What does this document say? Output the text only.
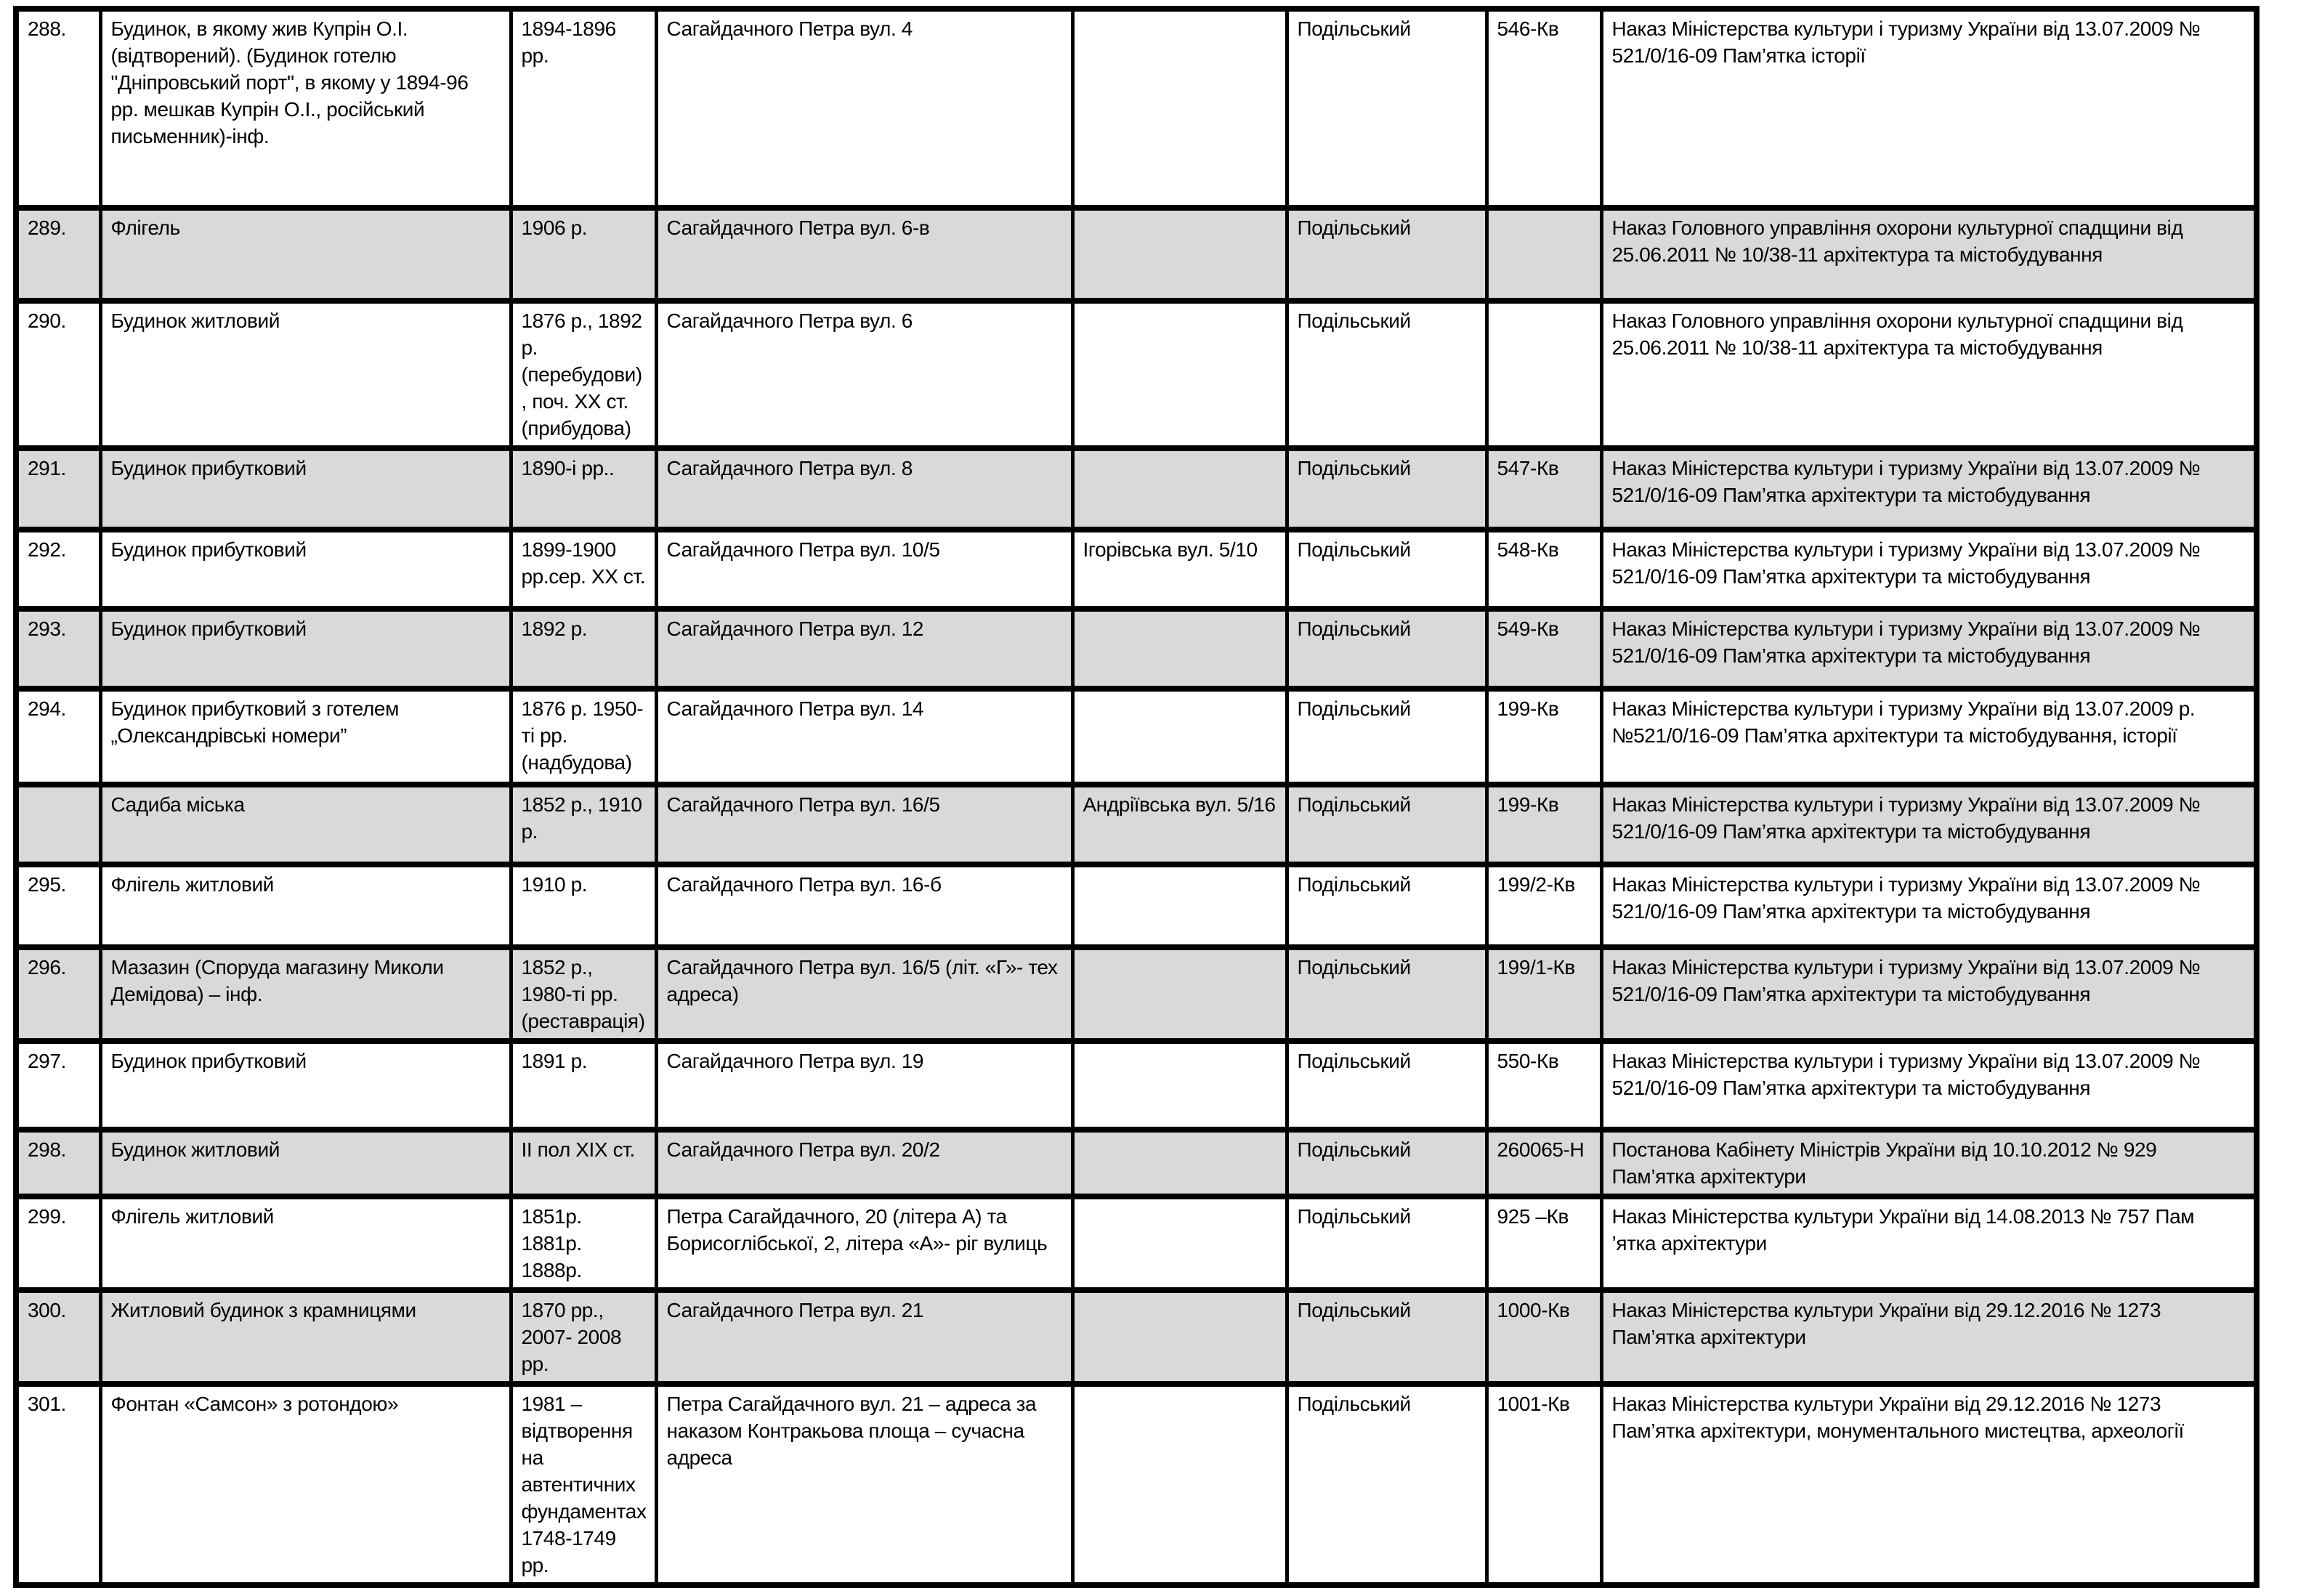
288.	Будинок, в якому жив Купрін О.І. (відтворений). (Будинок готелю "Дніпровський порт", в якому у 1894-96 рр. мешкав Купрін О.І., російський письменник)-інф.	1894-1896 рр.	Сагайдачного Петра вул. 4		Подільський	546-Кв	Наказ Міністерства культури і туризму України від 13.07.2009 № 521/0/16-09 Пам’ятка історії
289.	Флігель	1906 р.	Сагайдачного Петра вул. 6-в		Подільський		Наказ Головного управління охорони культурної спадщини від 25.06.2011 № 10/38-11 архітектура та містобудування
290.	Будинок житловий	1876 р., 1892 р.(перебудови), поч. ХХ ст. (прибудова)	Сагайдачного Петра вул. 6		Подільський		Наказ Головного управління охорони культурної спадщини від 25.06.2011 № 10/38-11 архітектура та містобудування
291.	Будинок прибутковий	1890-і рр..	Сагайдачного Петра вул. 8		Подільський	547-Кв	Наказ Міністерства культури і туризму України від 13.07.2009 № 521/0/16-09 Пам’ятка архітектури та містобудування
292.	Будинок прибутковий	1899-1900 рр.сер. ХХ ст.	Сагайдачного Петра вул. 10/5	Ігорівська вул. 5/10	Подільський	548-Кв	Наказ Міністерства культури і туризму України від 13.07.2009 № 521/0/16-09 Пам’ятка архітектури та містобудування
293.	Будинок прибутковий	1892 р.	Сагайдачного Петра вул. 12		Подільський	549-Кв	Наказ Міністерства культури і туризму України від 13.07.2009 № 521/0/16-09 Пам’ятка архітектури та містобудування
294.	Будинок прибутковий з готелем „Олександрівські номери”	1876 р. 1950-ті рр. (надбудова)	Сагайдачного Петра вул. 14		Подільський	199-Кв	Наказ Міністерства культури і туризму України від 13.07.2009 р. №521/0/16-09 Пам’ятка архітектури та містобудування, історії
	Садиба міська	1852 р., 1910 р.	Сагайдачного Петра вул. 16/5	Андріївська вул. 5/16	Подільський	199-Кв	Наказ Міністерства культури і туризму України від 13.07.2009 № 521/0/16-09 Пам’ятка архітектури та містобудування
295.	Флігель житловий	1910 р.	Сагайдачного Петра вул. 16-б		Подільський	199/2-Кв	Наказ Міністерства культури і туризму України від 13.07.2009 № 521/0/16-09 Пам’ятка архітектури та містобудування
296.	Мазазин (Споруда магазину Миколи Демідова) – інф.	1852 р., 1980-ті рр. (реставрація)	Сагайдачного Петра вул. 16/5 (літ. «Г»- тех адреса)		Подільський	199/1-Кв	Наказ Міністерства культури і туризму України від 13.07.2009 № 521/0/16-09 Пам’ятка архітектури та містобудування
297.	Будинок прибутковий	1891 р.	Сагайдачного Петра вул. 19		Подільський	550-Кв	Наказ Міністерства культури і туризму України від 13.07.2009 № 521/0/16-09 Пам’ятка архітектури та містобудування
298.	Будинок житловий	ІІ пол ХІХ ст.	Сагайдачного Петра вул. 20/2		Подільський	260065-Н	Постанова Кабінету Міністрів України від 10.10.2012 № 929 Пам’ятка архітектури
299.	Флігель житловий	1851р. 1881р. 1888р.	Петра Сагайдачного, 20 (літера А) та Борисоглібської, 2, літера «А»- ріг вулиць		Подільський	925 –Кв	Наказ Міністерства культури України від 14.08.2013 № 757 Пам ’ятка архітектури
300.	Житловий будинок з крамницями	1870 рр., 2007- 2008 рр.	Сагайдачного Петра вул. 21		Подільський	1000-Кв	Наказ Міністерства культури України від 29.12.2016 № 1273 Пам’ятка архітектури
301.	Фонтан «Самсон» з ротондою»	1981 – відтворення на автентичних фундаментах 1748-1749 рр.	Петра Сагайдачного вул. 21 – адреса за наказом Контракьова площа – сучасна адреса		Подільський	1001-Кв	Наказ Міністерства культури України від 29.12.2016 № 1273 Пам’ятка архітектури, монументального мистецтва, археології
